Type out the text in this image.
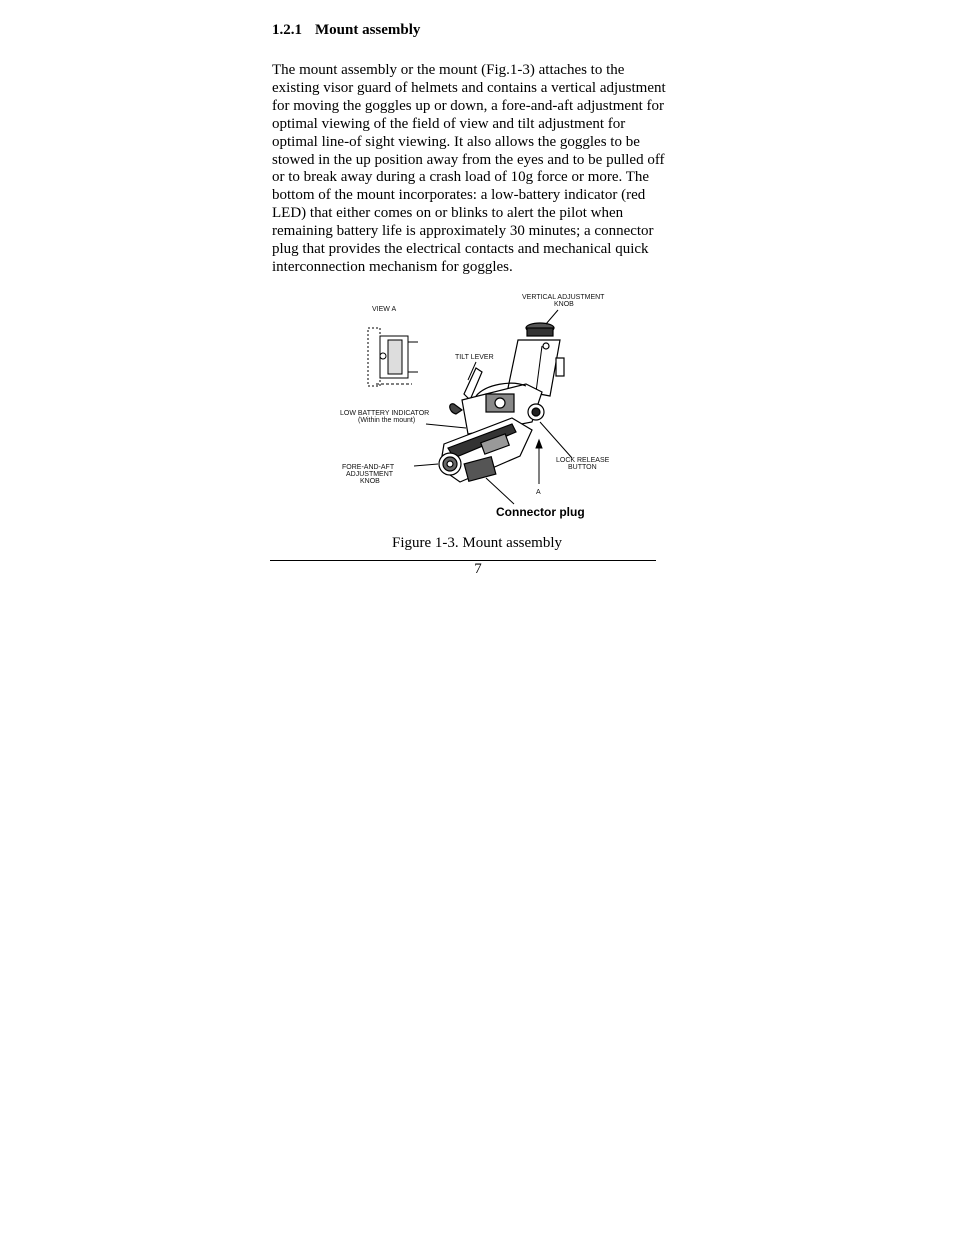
1.2.1 Mount assembly
The mount assembly or the mount (Fig.1-3) attaches to the
existing visor guard of helmets and contains a vertical adjustment
for moving the goggles up or down, a fore-and-aft adjustment for
optimal viewing of the field of view and tilt adjustment for
optimal line-of sight viewing. It also allows the goggles to be
stowed in the up position away from the eyes and to be pulled off
or to break away during a crash load of 10g force or more. The
bottom of the mount incorporates: a low-battery indicator (red
LED) that either comes on or blinks to alert the pilot when
remaining battery life is approximately 30 minutes; a connector
plug that provides the electrical contacts and mechanical quick
interconnection mechanism for goggles.
VERTICAL ADJUSTMENT
KNOB
VIEW A
TILT LEVER
LOW BATTERY INDICATOR
(Within the mount)
FORE-AND-AFT
ADJUSTMENT
KNOB
LOCK RELEASE
BUTTON
A
Connector plug
Figure 1-3. Mount assembly
7
